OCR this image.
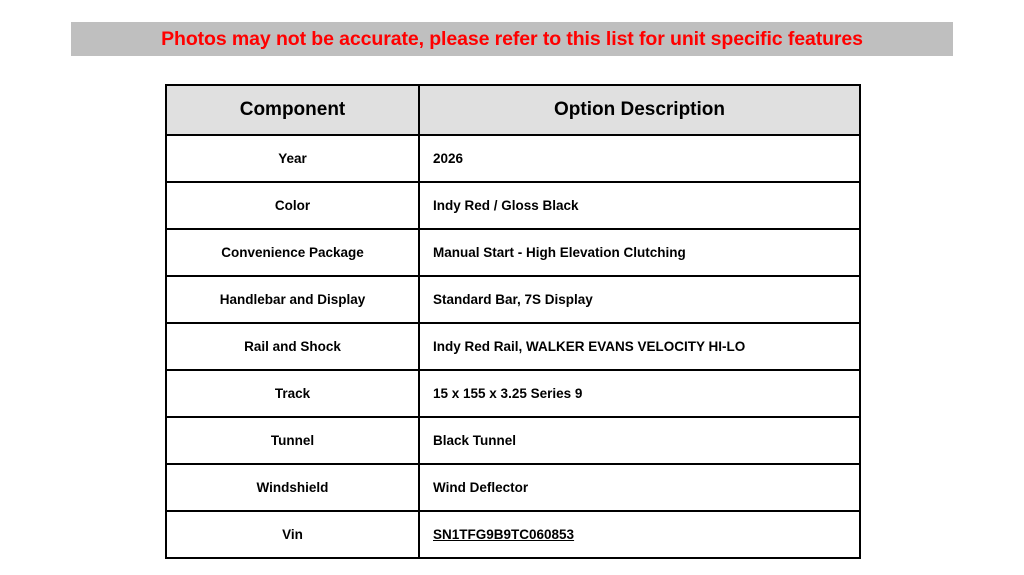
Photos may not be accurate, please refer to this list for unit specific features
Component	Option Description
Year	2026
Color	Indy Red / Gloss Black
Convenience Package	Manual Start - High Elevation Clutching
Handlebar and Display	Standard Bar, 7S Display
Rail and Shock	Indy Red Rail, WALKER EVANS VELOCITY HI-LO
Track	15 x 155 x 3.25 Series 9
Tunnel	Black Tunnel
Windshield	Wind Deflector
Vin	SN1TFG9B9TC060853
